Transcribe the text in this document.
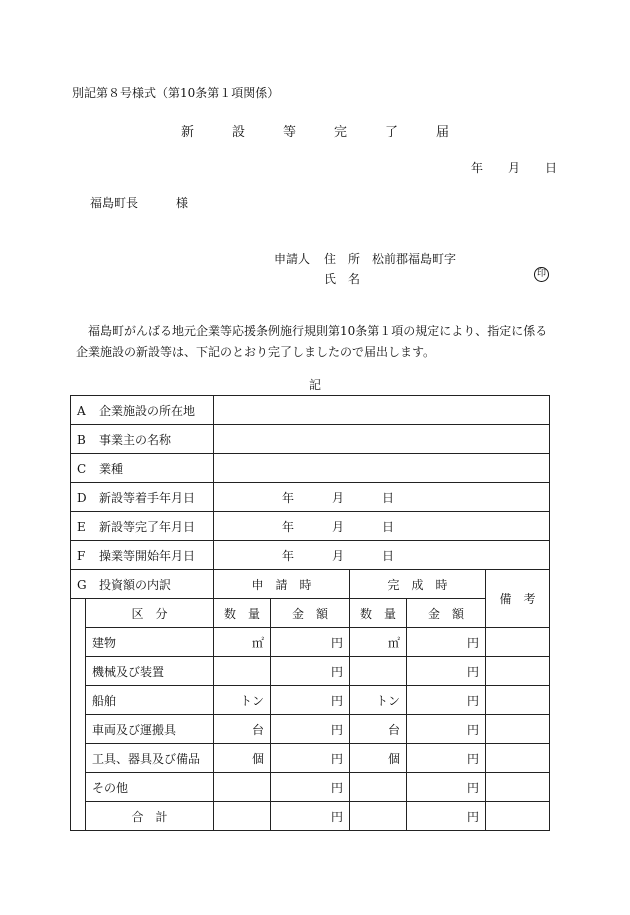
別記第８号様式（第10条第１項関係）
新	設	等	完	了	届
年 月 日
福島町長	様
申請人 住　所 松前郡福島町字
氏　名	印
福島町がんばる地元企業等応援条例施行規則第10条第１項の規定により、指定に係る
企業施設の新設等は、下記のとおり完了しましたので届出します。
記
A 企業施設の所在地						
B 事業主の名称						
C 業種						
D 新設等着手年月日		年 月 日				
E 新設等完了年月日		年 月 日				
F 操業等開始年月日		年 月 日				
G 投資額の内訳		申　請　時		完　成　時		備　考
	区　分	数　量	金　額	数　量	金　額	
	建物	㎡	円	㎡	円	
	機械及び装置		円		円	
	船舶	トン	円	トン	円	
	車両及び運搬具	台	円	台	円	
	工具、器具及び備品	個	円	個	円	
	その他		円		円	
	合　計		円		円	
